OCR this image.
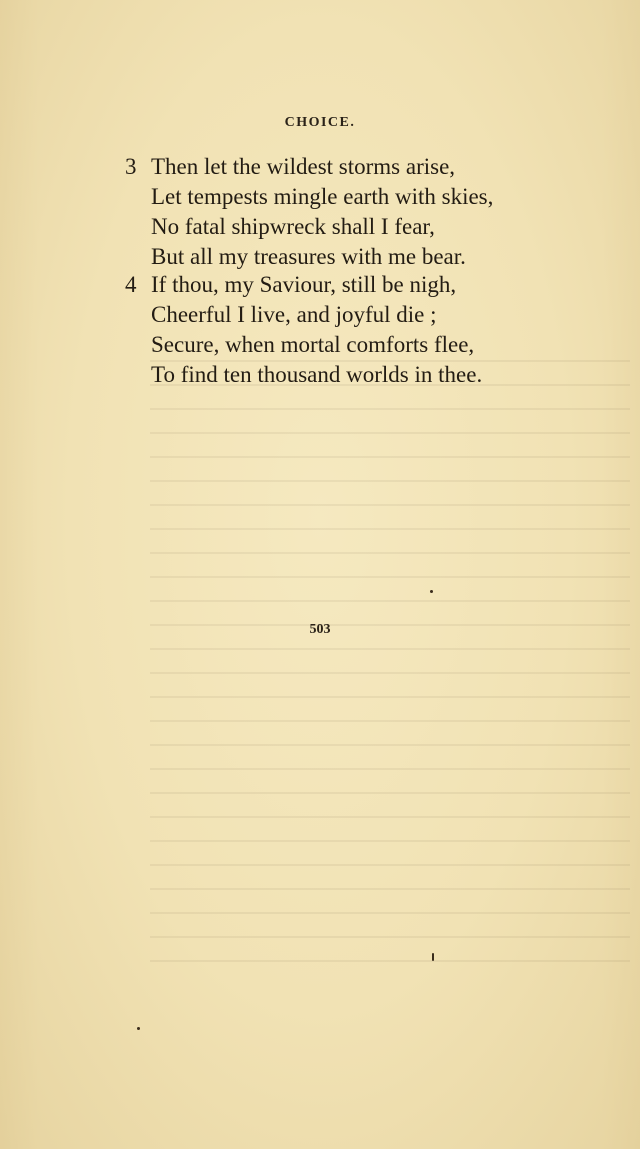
CHOICE.
3 Then let the wildest storms arise,
Let tempests mingle earth with skies,
No fatal shipwreck shall I fear,
But all my treasures with me bear.
4 If thou, my Saviour, still be nigh,
Cheerful I live, and joyful die ;
Secure, when mortal comforts flee,
To find ten thousand worlds in thee.
503
